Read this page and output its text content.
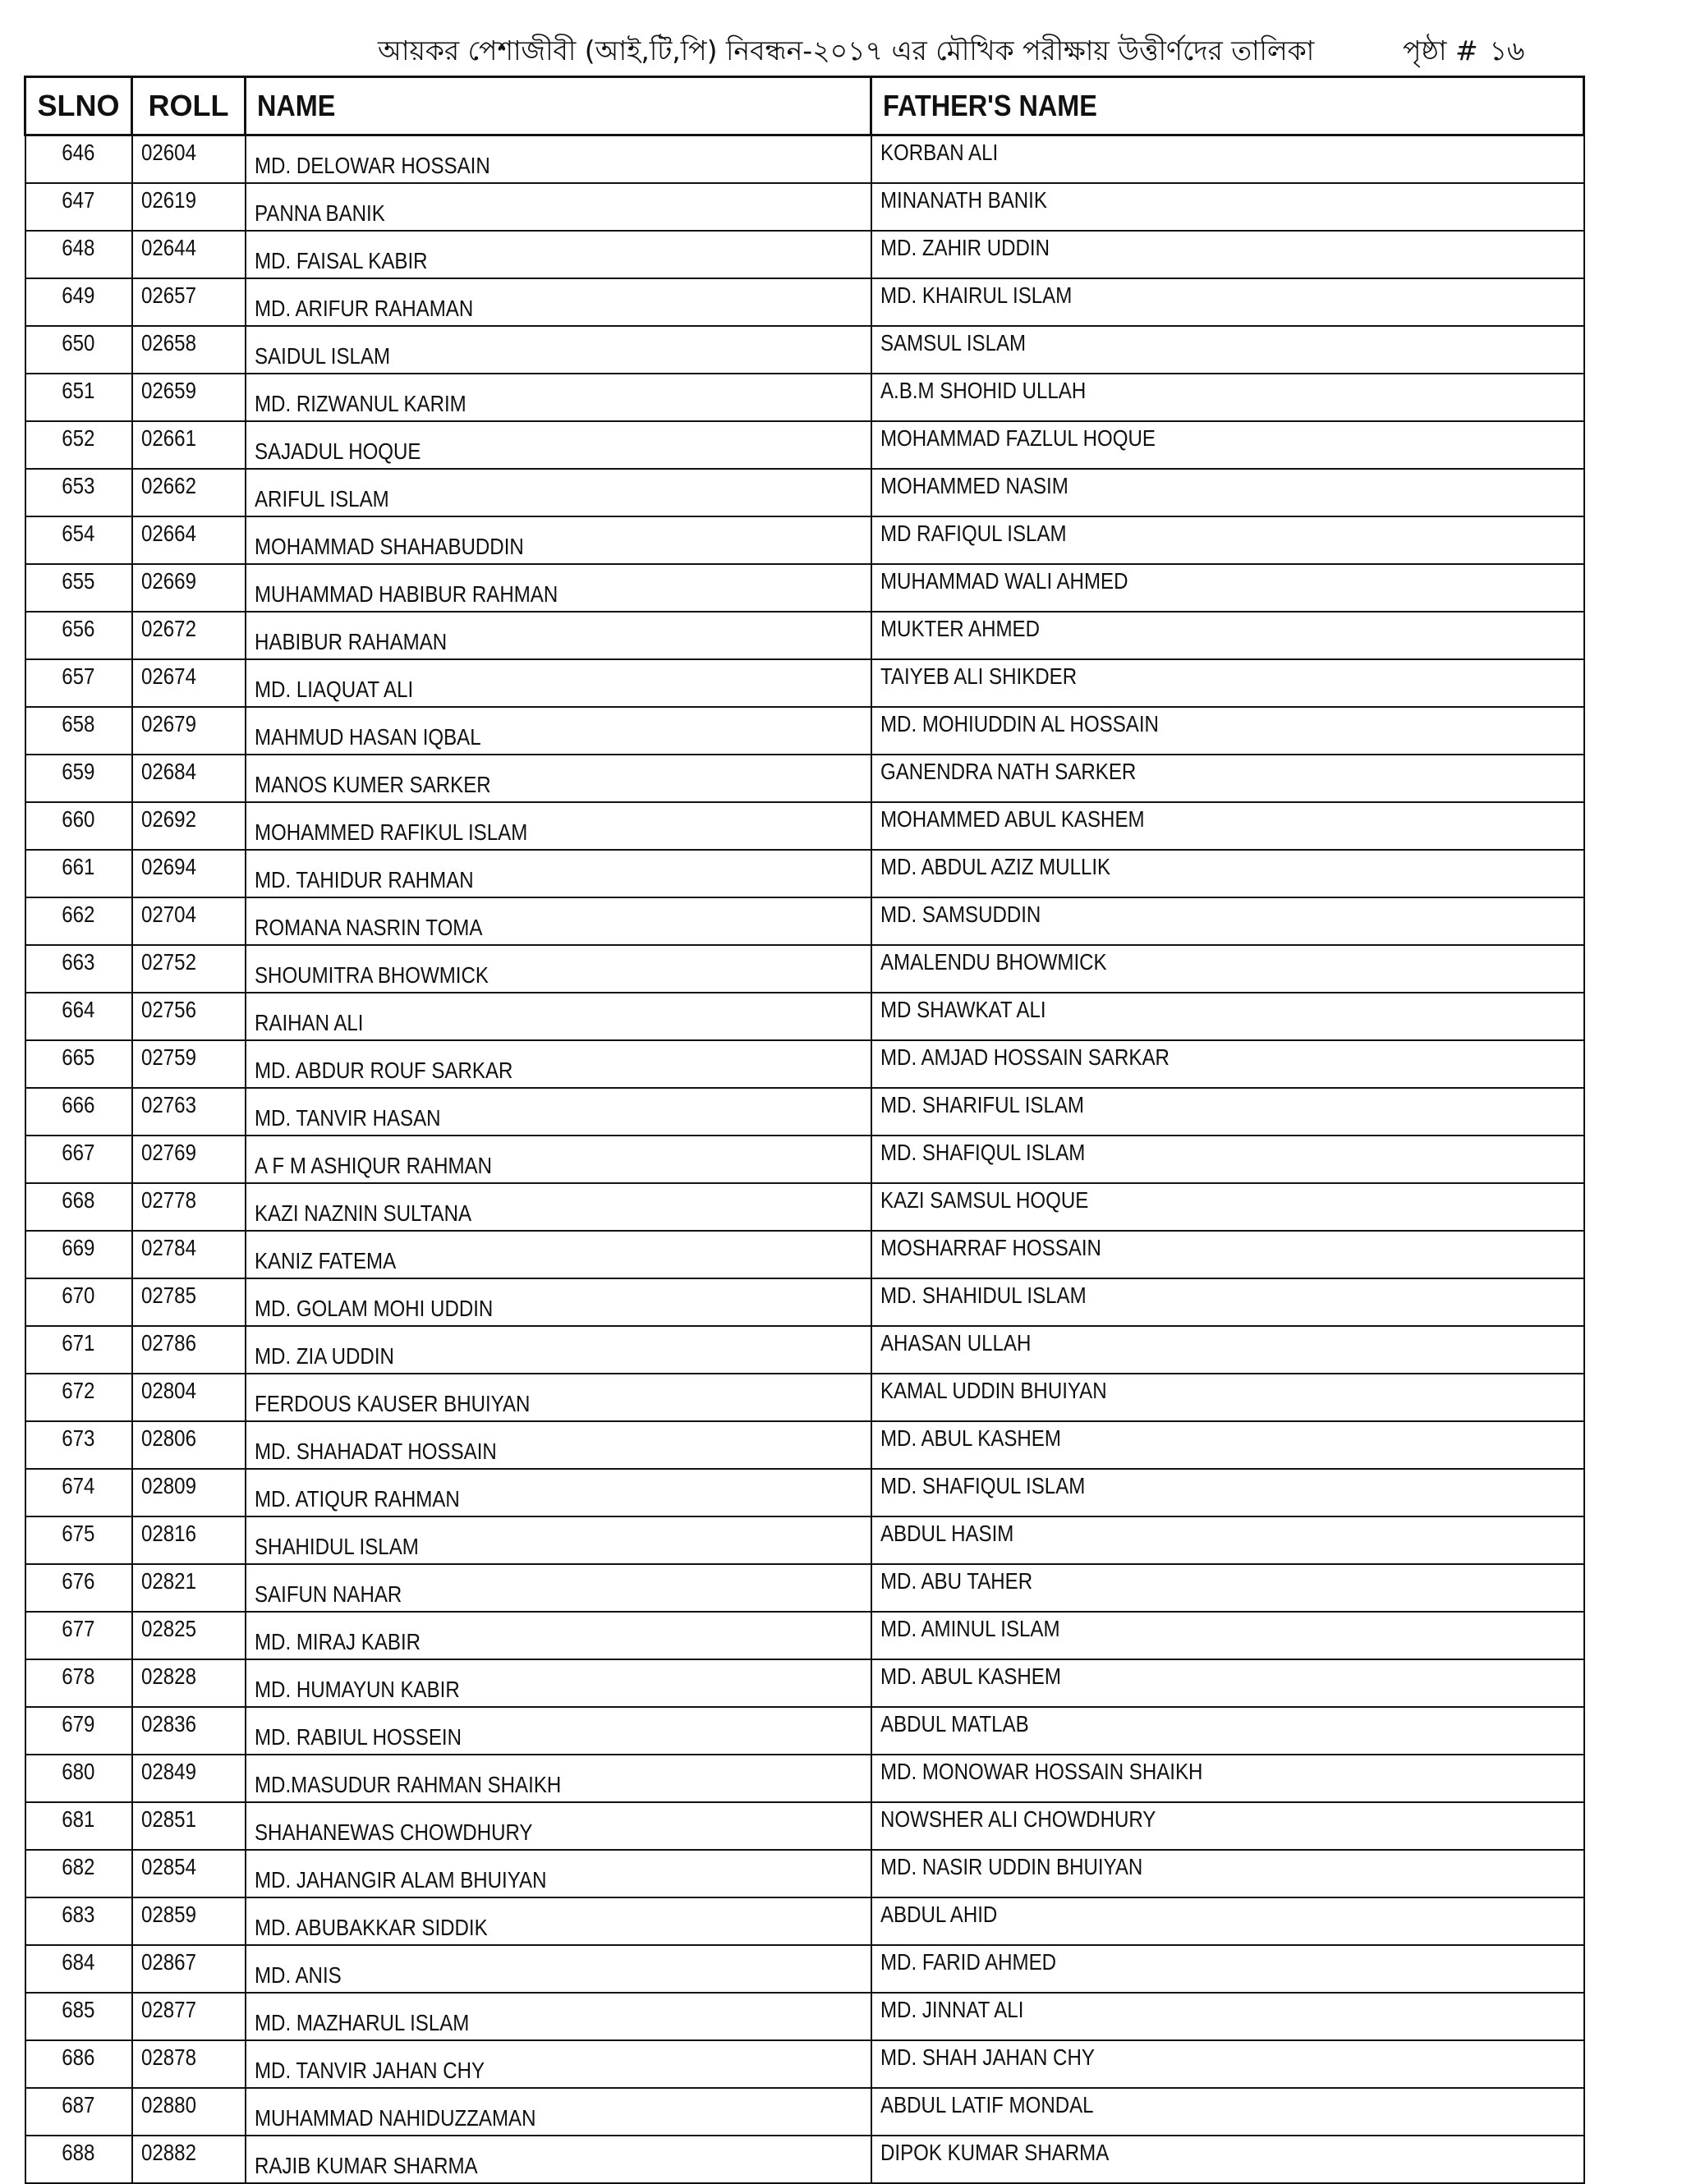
আয়কর পেশাজীবী (আই,টি,পি) নিবন্ধন-২০১৭ এর মৌখিক পরীক্ষায় উত্তীর্ণদের তালিকা	পৃষ্ঠা # ১৬
SLNO	ROLL	NAME	FATHER'S NAME
646	02604	MD. DELOWAR HOSSAIN	KORBAN ALI
647	02619	PANNA BANIK	MINANATH BANIK
648	02644	MD. FAISAL KABIR	MD. ZAHIR UDDIN
649	02657	MD. ARIFUR RAHAMAN	MD. KHAIRUL ISLAM
650	02658	SAIDUL ISLAM	SAMSUL ISLAM
651	02659	MD. RIZWANUL KARIM	A.B.M SHOHID ULLAH
652	02661	SAJADUL HOQUE	MOHAMMAD FAZLUL HOQUE
653	02662	ARIFUL ISLAM	MOHAMMED NASIM
654	02664	MOHAMMAD SHAHABUDDIN	MD RAFIQUL ISLAM
655	02669	MUHAMMAD HABIBUR RAHMAN	MUHAMMAD WALI AHMED
656	02672	HABIBUR RAHAMAN	MUKTER AHMED
657	02674	MD. LIAQUAT ALI	TAIYEB ALI SHIKDER
658	02679	MAHMUD HASAN IQBAL	MD. MOHIUDDIN AL HOSSAIN
659	02684	MANOS KUMER SARKER	GANENDRA NATH SARKER
660	02692	MOHAMMED RAFIKUL ISLAM	MOHAMMED ABUL KASHEM
661	02694	MD. TAHIDUR RAHMAN	MD. ABDUL AZIZ MULLIK
662	02704	ROMANA NASRIN TOMA	MD. SAMSUDDIN
663	02752	SHOUMITRA BHOWMICK	AMALENDU BHOWMICK
664	02756	RAIHAN ALI	MD SHAWKAT ALI
665	02759	MD. ABDUR ROUF SARKAR	MD. AMJAD HOSSAIN SARKAR
666	02763	MD. TANVIR HASAN	MD. SHARIFUL ISLAM
667	02769	A F M ASHIQUR RAHMAN	MD. SHAFIQUL ISLAM
668	02778	KAZI NAZNIN SULTANA	KAZI SAMSUL HOQUE
669	02784	KANIZ FATEMA	MOSHARRAF HOSSAIN
670	02785	MD. GOLAM MOHI UDDIN	MD. SHAHIDUL ISLAM
671	02786	MD. ZIA UDDIN	AHASAN ULLAH
672	02804	FERDOUS KAUSER BHUIYAN	KAMAL UDDIN BHUIYAN
673	02806	MD. SHAHADAT HOSSAIN	MD. ABUL KASHEM
674	02809	MD. ATIQUR RAHMAN	MD. SHAFIQUL ISLAM
675	02816	SHAHIDUL ISLAM	ABDUL HASIM
676	02821	SAIFUN NAHAR	MD. ABU TAHER
677	02825	MD. MIRAJ KABIR	MD. AMINUL ISLAM
678	02828	MD. HUMAYUN KABIR	MD. ABUL KASHEM
679	02836	MD. RABIUL HOSSEIN	ABDUL MATLAB
680	02849	MD.MASUDUR RAHMAN SHAIKH	MD. MONOWAR HOSSAIN SHAIKH
681	02851	SHAHANEWAS CHOWDHURY	NOWSHER ALI CHOWDHURY
682	02854	MD. JAHANGIR ALAM BHUIYAN	MD. NASIR UDDIN BHUIYAN
683	02859	MD. ABUBAKKAR SIDDIK	ABDUL AHID
684	02867	MD. ANIS	MD. FARID AHMED
685	02877	MD. MAZHARUL ISLAM	MD. JINNAT ALI
686	02878	MD. TANVIR JAHAN CHY	MD. SHAH JAHAN CHY
687	02880	MUHAMMAD NAHIDUZZAMAN	ABDUL LATIF MONDAL
688	02882	RAJIB KUMAR SHARMA	DIPOK KUMAR SHARMA
